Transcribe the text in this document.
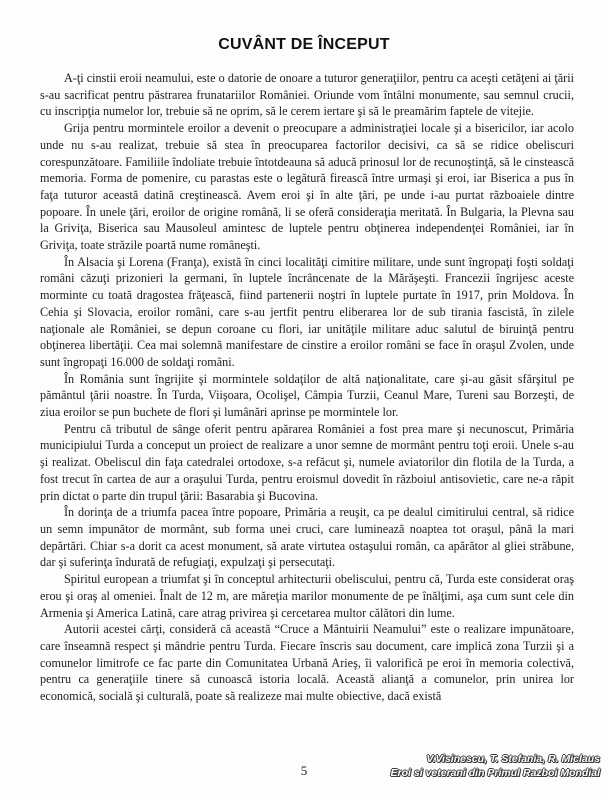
CUVÂNT DE ÎNCEPUT

A-ţi cinstii eroii neamului, este o datorie de onoare a tuturor generaţiilor, pentru ca aceşti cetăţeni ai ţării s-au sacrificat pentru păstrarea frunatariilor României. Oriunde vom întâlni monumente, sau semnul crucii, cu inscripţia numelor lor, trebuie să ne oprim, să le cerem iertare şi să le preamărim faptele de vitejie.

Grija pentru mormintele eroilor a devenit o preocupare a administraţiei locale şi a bisericilor, iar acolo unde nu s-au realizat, trebuie să stea în preocuparea factorilor decisivi, ca să se ridice obeliscuri corespunzătoare. Familiile îndoliate trebuie întotdeauna să aducă prinosul lor de recunoştinţă, să le cinstească memoria. Forma de pomenire, cu parastas este o legătură firească între urmaşi şi eroi, iar Biserica a pus în faţa tuturor această datină creştinească. Avem eroi şi în alte ţări, pe unde i-au purtat războaiele dintre popoare. În unele ţări, eroilor de origine română, li se oferă consideraţia meritată. În Bulgaria, la Plevna sau la Griviţa, Biserica sau Mausoleul amintesc de luptele pentru obţinerea independenţei României, iar în Griviţa, toate străzile poartă nume româneşti.

În Alsacia şi Lorena (Franţa), există în cinci localităţi cimitire militare, unde sunt îngropaţi foşti soldaţi români căzuţi prizonieri la germani, în luptele încrâncenate de la Mărăşeşti. Francezii îngrijesc aceste morminte cu toată dragostea frăţească, fiind partenerii noştri în luptele purtate în 1917, prin Moldova. În Cehia şi Slovacia, eroilor români, care s-au jertfit pentru eliberarea lor de sub tirania fascistă, în zilele naţionale ale României, se depun coroane cu flori, iar unităţile militare aduc salutul de biruinţă pentru obţinerea libertăţii. Cea mai solemnă manifestare de cinstire a eroilor români se face în oraşul Zvolen, unde sunt îngropaţi 16.000 de soldaţi români.

În România sunt îngrijite şi mormintele soldaţilor de altă naţionalitate, care şi-au găsit sfârşitul pe pământul ţării noastre. În Turda, Viişoara, Ocolişel, Câmpia Turzii, Ceanul Mare, Tureni sau Borzeşti, de ziua eroilor se pun buchete de flori şi lumânări aprinse pe mormintele lor.

Pentru că tributul de sânge oferit pentru apărarea României a fost prea mare şi necunoscut, Primăria municipiului Turda a conceput un proiect de realizare a unor semne de mormânt pentru toţi eroii. Unele s-au şi realizat. Obeliscul din faţa catedralei ortodoxe, s-a refăcut şi, numele aviatorilor din flotila de la Turda, a fost trecut în cartea de aur a oraşului Turda, pentru eroismul dovedit în războiul antisovietic, care ne-a răpit prin dictat o parte din trupul ţării: Basarabia şi Bucovina.

În dorinţa de a triumfa pacea între popoare, Primăria a reuşit, ca pe dealul cimitirului central, să ridice un semn impunător de mormânt, sub forma unei cruci, care luminează noaptea tot oraşul, până la mari depărtări. Chiar s-a dorit ca acest monument, să arate virtutea ostaşului român, ca apărător al gliei străbune, dar şi suferinţa îndurată de refugiaţi, expulzaţi şi persecutaţi.

Spiritul european a triumfat şi în conceptul arhitecturii obeliscului, pentru că, Turda este considerat oraş erou şi oraş al omeniei. Înalt de 12 m, are măreţia marilor monumente de pe înălţimi, aşa cum sunt cele din Armenia şi America Latină, care atrag privirea şi cercetarea multor călători din lume.

Autorii acestei cărţi, consideră că această “Cruce a Mântuirii Neamului” este o realizare impunătoare, care înseamnă respect şi mândrie pentru Turda. Fiecare înscris sau document, care implică zona Turzii şi a comunelor limitrofe ce fac parte din Comunitatea Urbană Arieş, îi valorifică pe eroi în memoria colectivă, pentru ca generaţiile tinere să cunoască istoria locală. Această alianţă a comunelor, prin unirea lor economică, socială şi culturală, poate să realizeze mai multe obiective, dacă există

5
V.Visinescu, T. Stefania, R. Miclaus
Eroi si veterani din Primul Razboi Mondial
